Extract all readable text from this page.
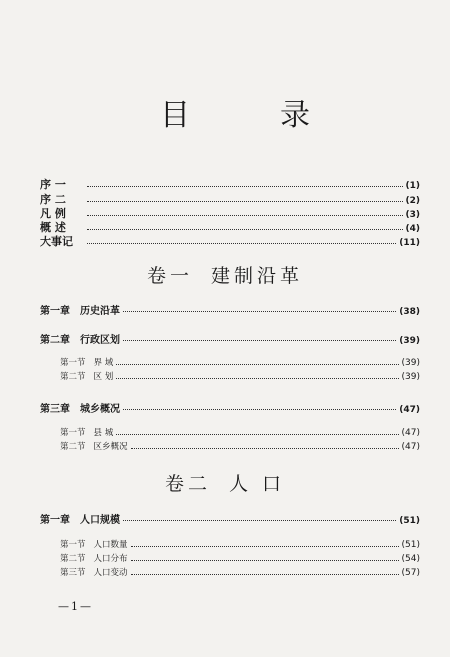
目	录
序 一	(1)
序 二	(2)
凡 例	(3)
概 述	(4)
大事记	(11)
卷一 建制沿革
第一章 历史沿革	(38)
第二章 行政区划	(39)
第一节 界 域	(39)
第二节 区 划	(39)
第三章 城乡概况	(47)
第一节 县 城	(47)
第二节 区乡概况	(47)
卷二 人 口
第一章 人口规模	(51)
第一节 人口数量	(51)
第二节 人口分布	(54)
第三节 人口变动	(57)
—1—
